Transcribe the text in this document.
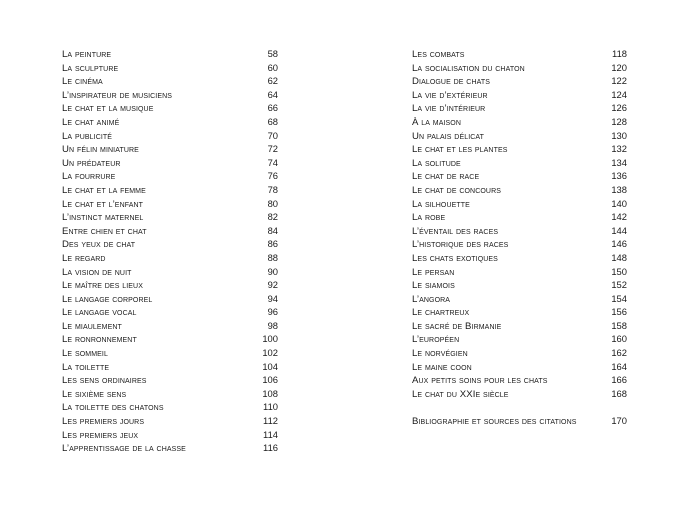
La peinture	58
La sculpture	60
Le cinéma	62
L’inspirateur de musiciens	64
Le chat et la musique	66
Le chat animé	68
La publicité	70
Un félin miniature	72
Un prédateur	74
La fourrure	76
Le chat et la femme	78
Le chat et l’enfant	80
L’instinct maternel	82
Entre chien et chat	84
Des yeux de chat	86
Le regard	88
La vision de nuit	90
Le maître des lieux	92
Le langage corporel	94
Le langage vocal	96
Le miaulement	98
Le ronronnement	100
Le sommeil	102
La toilette	104
Les sens ordinaires	106
Le sixième sens	108
La toilette des chatons	110
Les premiers jours	112
Les premiers jeux	114
L’apprentissage de la chasse	116
Les combats	118
La socialisation du chaton	120
Dialogue de chats	122
La vie d’extérieur	124
La vie d’intérieur	126
À la maison	128
Un palais délicat	130
Le chat et les plantes	132
La solitude	134
Le chat de race	136
Le chat de concours	138
La silhouette	140
La robe	142
L’éventail des races	144
L’historique des races	146
Les chats exotiques	148
Le persan	150
Le siamois	152
L’angora	154
Le chartreux	156
Le sacré de Birmanie	158
L’européen	160
Le norvégien	162
Le maine coon	164
Aux petits soins pour les chats	166
Le chat du XXIe siècle	168
Bibliographie et sources des citations	170
